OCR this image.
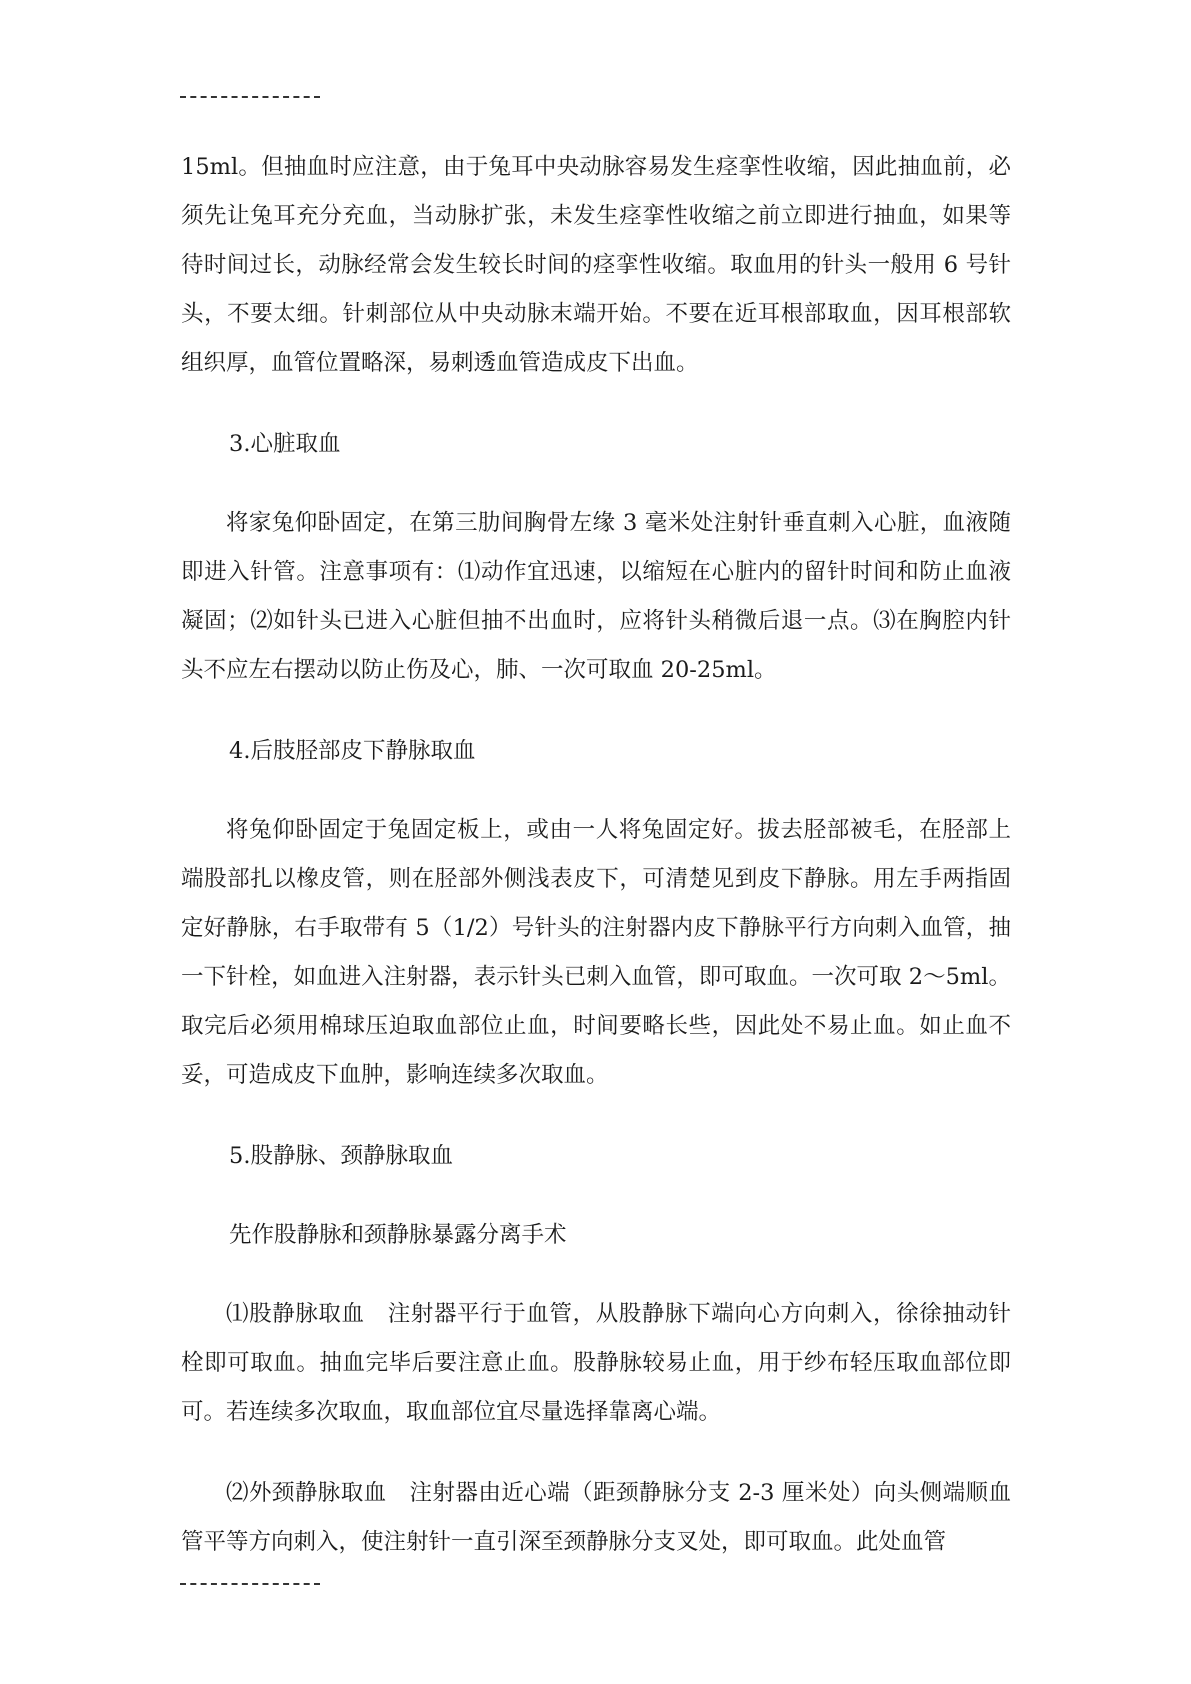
15ml。但抽血时应注意，由于兔耳中央动脉容易发生痉挛性收缩，因此抽血前，必须先让兔耳充分充血，当动脉扩张，未发生痉挛性收缩之前立即进行抽血，如果等待时间过长，动脉经常会发生较长时间的痉挛性收缩。取血用的针头一般用 6 号针头，不要太细。针刺部位从中央动脉末端开始。不要在近耳根部取血，因耳根部软组织厚，血管位置略深，易刺透血管造成皮下出血。

3.心脏取血

将家兔仰卧固定，在第三肋间胸骨左缘 3 毫米处注射针垂直刺入心脏，血液随即进入针管。注意事项有：⑴动作宜迅速，以缩短在心脏内的留针时间和防止血液凝固；⑵如针头已进入心脏但抽不出血时，应将针头稍微后退一点。⑶在胸腔内针头不应左右摆动以防止伤及心，肺、一次可取血 20-25ml。

4.后肢胫部皮下静脉取血

将兔仰卧固定于兔固定板上，或由一人将兔固定好。拔去胫部被毛，在胫部上端股部扎以橡皮管，则在胫部外侧浅表皮下，可清楚见到皮下静脉。用左手两指固定好静脉，右手取带有 5（1/2）号针头的注射器内皮下静脉平行方向刺入血管，抽一下针栓，如血进入注射器，表示针头已刺入血管，即可取血。一次可取 2～5ml。取完后必须用棉球压迫取血部位止血，时间要略长些，因此处不易止血。如止血不妥，可造成皮下血肿，影响连续多次取血。

5.股静脉、颈静脉取血

先作股静脉和颈静脉暴露分离手术

⑴股静脉取血　注射器平行于血管，从股静脉下端向心方向刺入，徐徐抽动针栓即可取血。抽血完毕后要注意止血。股静脉较易止血，用于纱布轻压取血部位即可。若连续多次取血，取血部位宜尽量选择靠离心端。

⑵外颈静脉取血　注射器由近心端（距颈静脉分支 2-3 厘米处）向头侧端顺血管平等方向刺入，使注射针一直引深至颈静脉分支叉处，即可取血。此处血管
